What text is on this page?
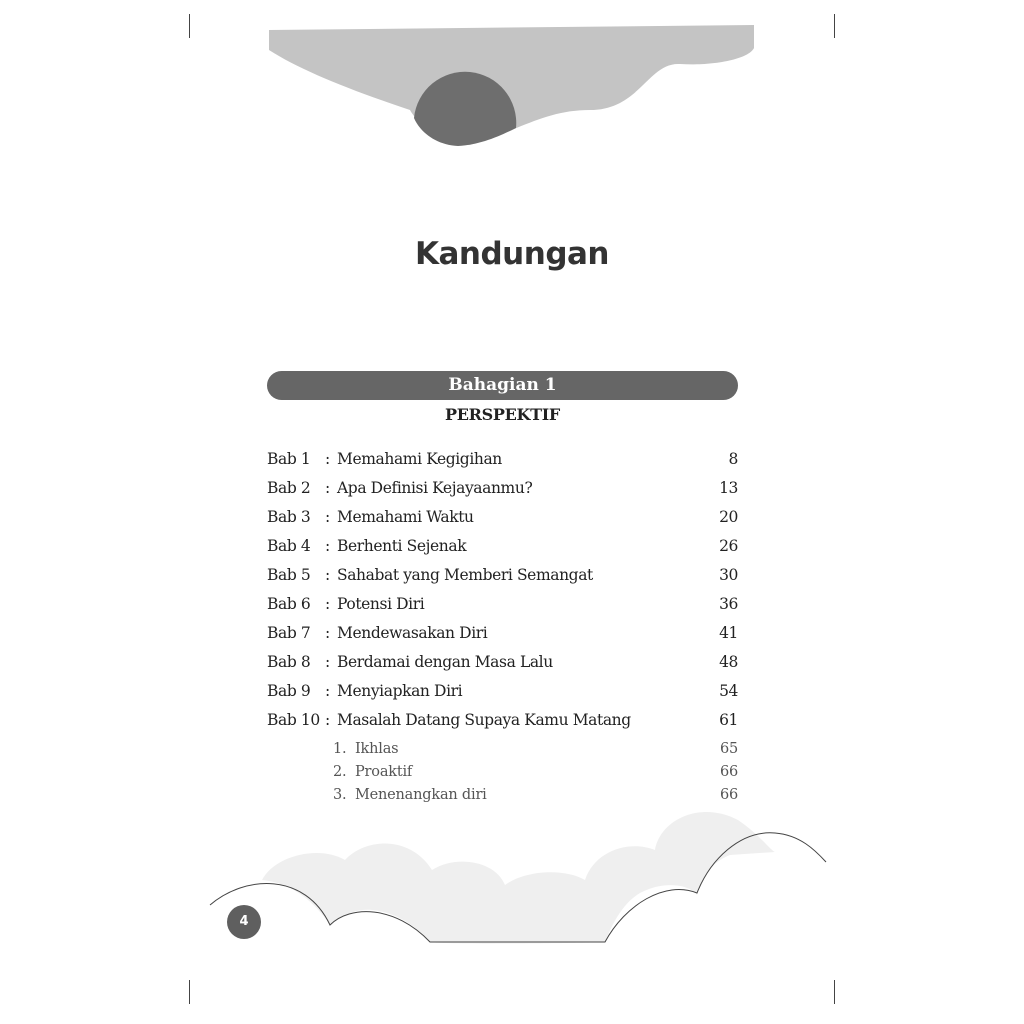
Kandungan
Bahagian 1
PERSPEKTIF
Bab 1 : Memahami Kegigihan	8
Bab 2 : Apa Definisi Kejayaanmu?	13
Bab 3 : Memahami Waktu	20
Bab 4 : Berhenti Sejenak	26
Bab 5 : Sahabat yang Memberi Semangat	30
Bab 6 : Potensi Diri	36
Bab 7 : Mendewasakan Diri	41
Bab 8 : Berdamai dengan Masa Lalu	48
Bab 9 : Menyiapkan Diri	54
Bab 10 : Masalah Datang Supaya Kamu Matang	61
1. Ikhlas	65
2. Proaktif	66
3. Menenangkan diri	66
4
